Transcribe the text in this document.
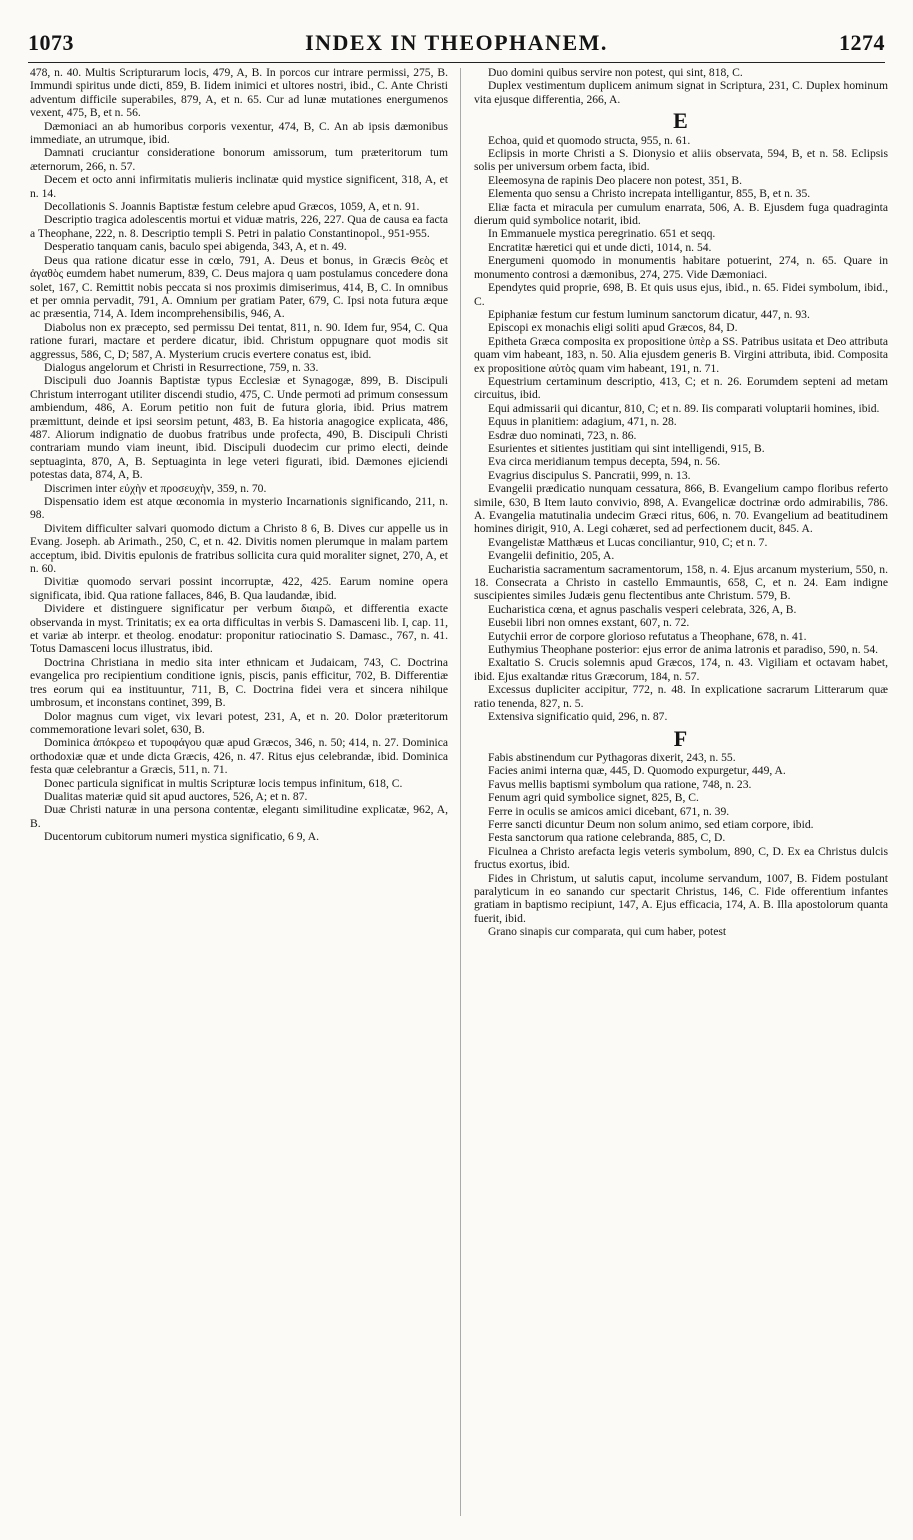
1073	INDEX IN THEOPHANEM.	1274

478, n. 40. Multis Scripturarum locis, 479, A, B. In porcos cur intrare permissi, 275, B. Immundi spiritus unde dicti, 859, B. Iidem inimici et ultores nostri, ibid., C. Ante Christi adventum difficile superabiles, 879, A, et n. 65. Cur ad lunæ mutationes energumenos vexent, 475, B, et n. 56.

Dæmoniaci an ab humoribus corporis vexentur, 474, B, C. An ab ipsis dæmonibus immediate, an utrumque, ibid.

Damnati cruciantur consideratione bonorum amissorum, tum præteritorum tum æternorum, 266, n. 57.

Decem et octo anni infirmitatis mulieris inclinatæ quid mystice significent, 318, A, et n. 14.

Decollationis S. Joannis Baptistæ festum celebre apud Græcos, 1059, A, et n. 91.

Descriptio tragica adolescentis mortui et viduæ matris, 226, 227. Qua de causa ea facta a Theophane, 222, n. 8. Descriptio templi S. Petri in palatio Constantinopol., 951-955.

Desperatio tanquam canis, baculo spei abigenda, 343, A, et n. 49.

Deus qua ratione dicatur esse in cœlo, 791, A. Deus et bonus, in Græcis Θεὸς et ἀγαθὸς eumdem habet numerum, 839, C. Deus majora q uam postulamus concedere dona solet, 167, C. Remittit nobis peccata si nos proximis dimiserimus, 414, B, C. In omnibus et per omnia pervadit, 791, A. Omnium per gratiam Pater, 679, C. Ipsi nota futura æque ac præsentia, 714, A. Idem incomprehensibilis, 946, A.

Diabolus non ex præcepto, sed permissu Dei tentat, 811, n. 90. Idem fur, 954, C. Qua ratione furari, mactare et perdere dicatur, ibid. Christum oppugnare quot modis sit aggressus, 586, C, D; 587, A. Mysterium crucis evertere conatus est, ibid.

Dialogus angelorum et Christi in Resurrectione, 759, n. 33.

Discipuli duo Joannis Baptistæ typus Ecclesiæ et Synagogæ, 899, B. Discipuli Christum interrogant utiliter discendi studio, 475, C. Unde permoti ad primum consessum ambiendum, 486, A. Eorum petitio non fuit de futura gloria, ibid. Prius matrem præmittunt, deinde et ipsi seorsim petunt, 483, B. Ea historia anagogice explicata, 486, 487. Aliorum indignatio de duobus fratribus unde profecta, 490, B. Discipuli Christi contrariam mundo viam ineunt, ibid. Discipuli duodecim cur primo electi, deinde septuaginta, 870, A, B. Septuaginta in lege veteri figurati, ibid. Dæmones ejiciendi potestas data, 874, A, B.

Discrimen inter εὐχὴν et προσευχὴν, 359, n. 70.

Dispensatio idem est atque œconomia in mysterio Incarnationis significando, 211, n. 98.

Divitem difficulter salvari quomodo dictum a Christo 8 6, B. Dives cur appelle us in Evang. Joseph. ab Arimath., 250, C, et n. 42. Divitis nomen plerumque in malam partem acceptum, ibid. Divitis epulonis de fratribus sollicita cura quid moraliter signet, 270, A, et n. 60.

Divitiæ quomodo servari possint incorruptæ, 422, 425. Earum nomine opera significata, ibid. Qua ratione fallaces, 846, B. Qua laudandæ, ibid.

Dividere et distinguere significatur per verbum διαιρῶ, et differentia exacte observanda in myst. Trinitatis; ex ea orta difficultas in verbis S. Damasceni lib. I, cap. 11, et variæ ab interpr. et theolog. enodatur: proponitur ratiocinatio S. Damasc., 767, n. 41. Totus Damasceni locus illustratus, ibid.

Doctrina Christiana in medio sita inter ethnicam et Judaicam, 743, C. Doctrina evangelica pro recipientium conditione ignis, piscis, panis efficitur, 702, B. Differentiæ tres eorum qui ea instituuntur, 711, B, C. Doctrina fidei vera et sincera nihilque umbrosum, et inconstans continet, 399, B.

Dolor magnus cum viget, vix levari potest, 231, A, et n. 20. Dolor præteritorum commemoratione levari solet, 630, B.

Dominica ἀπόκρεω et τυροφάγου quæ apud Græcos, 346, n. 50; 414, n. 27. Dominica orthodoxiæ quæ et unde dicta Græcis, 426, n. 47. Ritus ejus celebrandæ, ibid. Dominica festa quæ celebrantur a Græcis, 511, n. 71.

Donec particula significat in multis Scripturæ locis tempus infinitum, 618, C.

Dualitas materiæ quid sit apud auctores, 526, A; et n. 87.

Duæ Christi naturæ in una persona contentæ, elegantı similitudine explicatæ, 962, A, B.

Ducentorum cubitorum numeri mystica significatio, 6 9, A.

Duo domini quibus servire non potest, qui sint, 818, C.

Duplex vestimentum duplicem animum signat in Scriptura, 231, C. Duplex hominum vita ejusque differentia, 266, A.

E

Echoa, quid et quomodo structa, 955, n. 61.

Eclipsis in morte Christi a S. Dionysio et aliis observata, 594, B, et n. 58. Eclipsis solis per universum orbem facta, ibid.

Eleemosyna de rapinis Deo placere non potest, 351, B.

Elementa quo sensu a Christo increpata intelligantur, 855, B, et n. 35.

Eliæ facta et miracula per cumulum enarrata, 506, A. B. Ejusdem fuga quadraginta dierum quid symbolice notarit, ibid.

In Emmanuele mystica peregrinatio. 651 et seqq.

Encratitæ hæretici qui et unde dicti, 1014, n. 54.

Energumeni quomodo in monumentis habitare potuerint, 274, n. 65. Quare in monumento controsi a dæmonibus, 274, 275. Vide Dæmoniaci.

Ependytes quid proprie, 698, B. Et quis usus ejus, ibid., n. 65. Fidei symbolum, ibid., C.

Epiphaniæ festum cur festum luminum sanctorum dicatur, 447, n. 93.

Episcopi ex monachis eligi soliti apud Græcos, 84, D.

Epitheta Græca composita ex propositione ὑπὲρ a SS. Patribus usitata et Deo attributa quam vim habeant, 183, n. 50. Alia ejusdem generis B. Virgini attributa, ibid. Composita ex propositione αὐτὸς quam vim habeant, 191, n. 71.

Equestrium certaminum descriptio, 413, C; et n. 26. Eorumdem septeni ad metam circuitus, ibid.

Equi admissarii qui dicantur, 810, C; et n. 89. Iis comparati voluptarii homines, ibid.

Equus in planitiem: adagium, 471, n. 28.

Esdræ duo nominati, 723, n. 86.

Esurientes et sitientes justitiam qui sint intelligendi, 915, B.

Eva circa meridianum tempus decepta, 594, n. 56.

Evagrius discipulus S. Pancratii, 999, n. 13.

Evangelii prædicatio nunquam cessatura, 866, B. Evangelium campo floribus referto simile, 630, B Item lauto convivio, 898, A. Evangelicæ doctrinæ ordo admirabilis, 786. A. Evangelia matutinalia undecim Græci ritus, 606, n. 70. Evangelium ad beatitudinem homines dirigit, 910, A. Legi cohæret, sed ad perfectionem ducit, 845. A.

Evangelistæ Matthæus et Lucas conciliantur, 910, C; et n. 7.

Evangelii definitio, 205, A.

Eucharistia sacramentum sacramentorum, 158, n. 4. Ejus arcanum mysterium, 550, n. 18. Consecrata a Christo in castello Emmauntis, 658, C, et n. 24. Eam indigne suscipientes similes Judæis genu flectentibus ante Christum. 579, B.

Eucharistica cœna, et agnus paschalis vesperi celebrata, 326, A, B.

Eusebii libri non omnes exstant, 607, n. 72.

Eutychii error de corpore glorioso refutatus a Theophane, 678, n. 41.

Euthymius Theophane posterior: ejus error de anima latronis et paradiso, 590, n. 54.

Exaltatio S. Crucis solemnis apud Græcos, 174, n. 43. Vigiliam et octavam habet, ibid. Ejus exaltandæ ritus Græcorum, 184, n. 57.

Excessus dupliciter accipitur, 772, n. 48. In explicatione sacrarum Litterarum quæ ratio tenenda, 827, n. 5.

Extensiva significatio quid, 296, n. 87.

F

Fabis abstinendum cur Pythagoras dixerit, 243, n. 55.

Facies animi interna quæ, 445, D. Quomodo expurgetur, 449, A.

Favus mellis baptismi symbolum qua ratione, 748, n. 23.

Fenum agri quid symbolice signet, 825, B, C.

Ferre in oculis se amicos amici dicebant, 671, n. 39.

Ferre sancti dicuntur Deum non solum animo, sed etiam corpore, ibid.

Festa sanctorum qua ratione celebranda, 885, C, D.

Ficulnea a Christo arefacta legis veteris symbolum, 890, C, D. Ex ea Christus dulcis fructus exortus, ibid.

Fides in Christum, ut salutis caput, incolume servandum, 1007, B. Fidem postulant paralyticum in eo sanando cur spectarit Christus, 146, C. Fide offerentium infantes gratiam in baptismo recipiunt, 147, A. Ejus efficacia, 174, A. B. Illa apostolorum quanta fuerit, ibid.

Grano sinapis cur comparata, qui cum haber, potest
